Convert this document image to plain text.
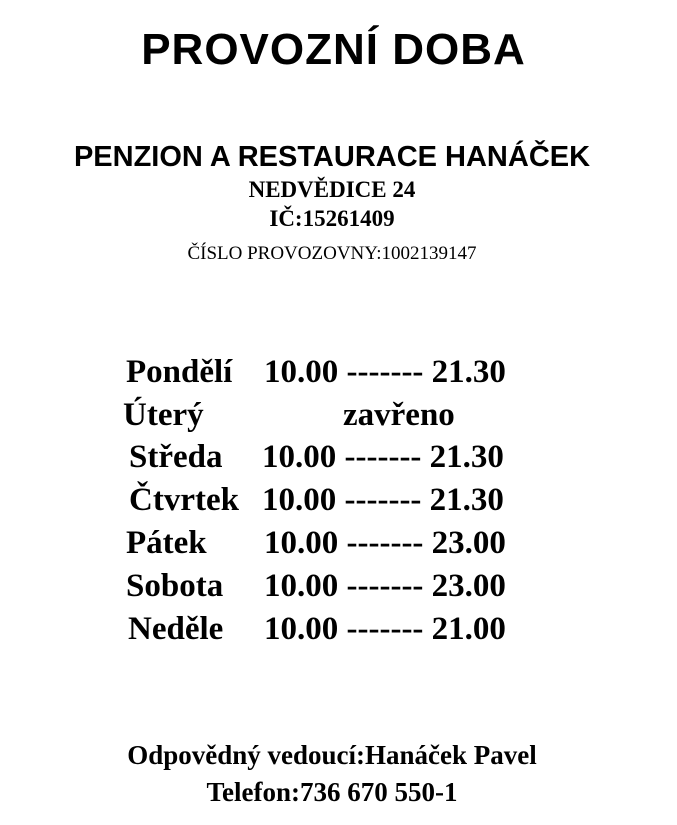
PROVOZNÍ DOBA
PENZION A RESTAURACE HANÁČEK
NEDVĚDICE 24
IČ:15261409
ČÍSLO PROVOZOVNY:1002139147
Pondělí 10.00 ------- 21.30
Úterý	zavřeno
Středa 10.00 ------- 21.30
Čtvrtek 10.00 ------- 21.30
Pátek 10.00 ------- 23.00
Sobota 10.00 ------- 23.00
Neděle 10.00 ------- 21.00
Odpovědný vedoucí:Hanáček Pavel
Telefon:736 670 550-1
